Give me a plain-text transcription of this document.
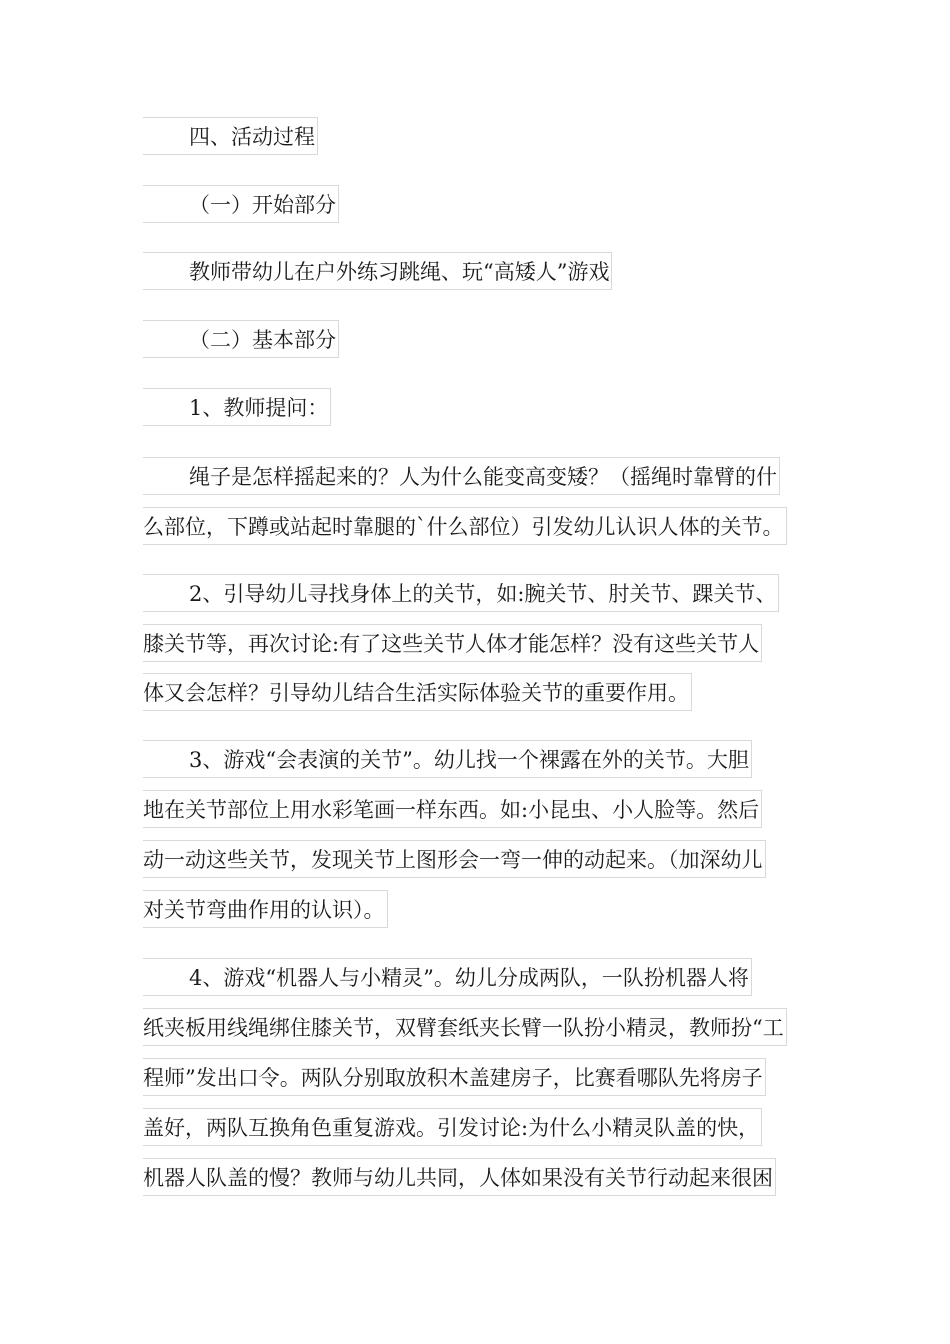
四、活动过程
（一）开始部分
教师带幼儿在户外练习跳绳、玩“高矮人”游戏
（二）基本部分
1、教师提问：
绳子是怎样摇起来的？人为什么能变高变矮？（摇绳时靠臂的什
么部位，下蹲或站起时靠腿的`什么部位）引发幼儿认识人体的关节。
2、引导幼儿寻找身体上的关节，如:腕关节、肘关节、踝关节、
膝关节等，再次讨论:有了这些关节人体才能怎样？没有这些关节人
体又会怎样？引导幼儿结合生活实际体验关节的重要作用。
3、游戏“会表演的关节”。幼儿找一个裸露在外的关节。大胆
地在关节部位上用水彩笔画一样东西。如:小昆虫、小人脸等。然后
动一动这些关节，发现关节上图形会一弯一伸的动起来。（加深幼儿
对关节弯曲作用的认识）。
4、游戏“机器人与小精灵”。幼儿分成两队，一队扮机器人将
纸夹板用线绳绑住膝关节，双臂套纸夹长臂一队扮小精灵，教师扮“工
程师”发出口令。两队分别取放积木盖建房子，比赛看哪队先将房子
盖好，两队互换角色重复游戏。引发讨论:为什么小精灵队盖的快，
机器人队盖的慢？教师与幼儿共同，人体如果没有关节行动起来很困
